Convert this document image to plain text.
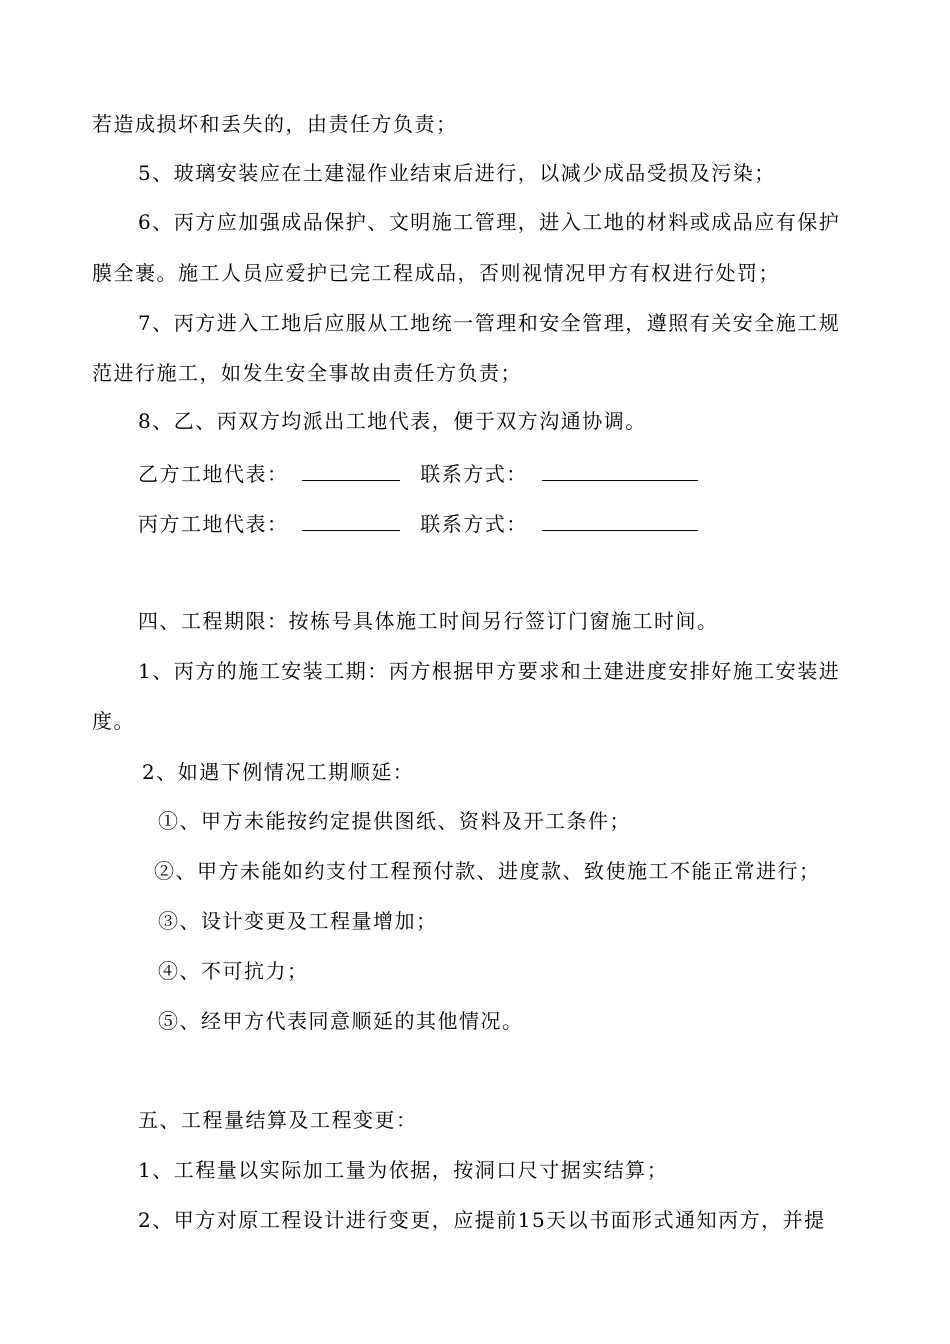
若造成损坏和丢失的，由责任方负责；
5、玻璃安装应在土建湿作业结束后进行，以减少成品受损及污染；
6、丙方应加强成品保护、文明施工管理，进入工地的材料或成品应有保护
膜全裹。施工人员应爱护已完工程成品，否则视情况甲方有权进行处罚；
7、丙方进入工地后应服从工地统一管理和安全管理，遵照有关安全施工规
范进行施工，如发生安全事故由责任方负责；
8、乙、丙双方均派出工地代表，便于双方沟通协调。
乙方工地代表：	联系方式：
丙方工地代表：	联系方式：
四、工程期限：按栋号具体施工时间另行签订门窗施工时间。
1、丙方的施工安装工期：丙方根据甲方要求和土建进度安排好施工安装进
度。
2、如遇下例情况工期顺延：
①、甲方未能按约定提供图纸、资料及开工条件；
②、甲方未能如约支付工程预付款、进度款、致使施工不能正常进行；
③、设计变更及工程量增加；
④、不可抗力；
⑤、经甲方代表同意顺延的其他情况。
五、工程量结算及工程变更：
1、工程量以实际加工量为依据，按洞口尺寸据实结算；
2、甲方对原工程设计进行变更，应提前15天以书面形式通知丙方，并提
